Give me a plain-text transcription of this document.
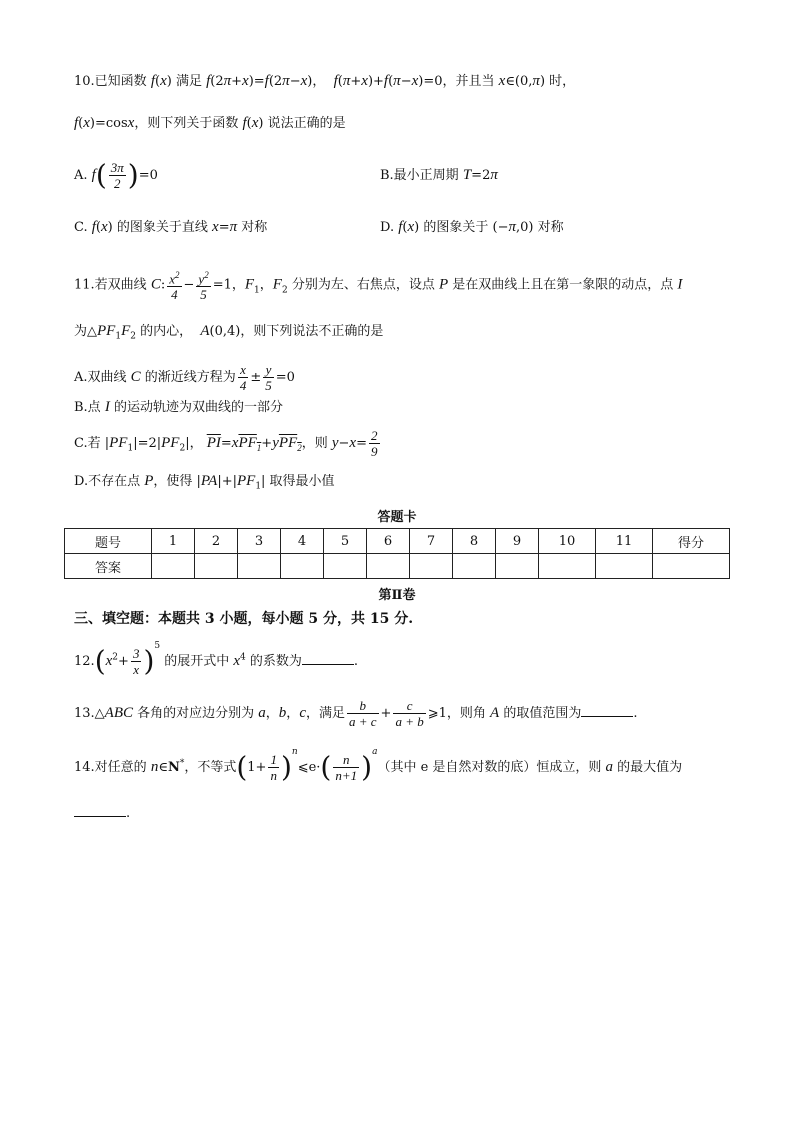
10.已知函数 f(x) 满足 f(2π+x)=f(2π−x)，  f(π+x)+f(π−x)=0，并且当 x∈(0,π) 时，
f(x)=cosx，则下列关于函数 f(x) 说法正确的是
A. $f( \frac{3\pi}{2} )=0$	B.最小正周期 T=2π
C. f(x) 的图象关于直线 x=π 对称	D. f(x) 的图象关于 (−π,0) 对称
11.若双曲线 C: $\frac{x^2}{4} - \frac{y^2}{5} =1$，$F_1$，$F_2$ 分别为左、右焦点，设点 P 是在双曲线上且在第一象限的动点，点 I
为$\triangle PF_1F_2$ 的内心，  A(0,4)，则下列说法不正确的是
A.双曲线 C 的渐近线方程为 $\frac{x}{4} \pm \frac{y}{5} =0$
B.点 I 的运动轨迹为双曲线的一部分
C.若 $|PF_1|=2|PF_2|$， $\overline{PI}=xPF_1+yPF_2$，则 $y-x= \frac{2}{9}$
D.不存在点 P，使得 $|PA|+|PF_1|$ 取得最小值
答题卡
题号	1	2	3	4	5	6	7	8	9	10	11	得分
答案												
第Ⅱ卷
三、填空题：本题共 3 小题，每小题 5 分，共 15 分.
$12.(x^2+ \frac{3}{x} )^5$ 的展开式中 $x^4$ 的系数为	.
13.△ABC 各角的对应边分别为 a，b，c，满足 $\frac{b}{a + c} + \frac{c}{a + b}$ ⩾1，则角 A 的取值范围为	.
14.对任意的 n∈N*，不等式($1+ \frac{1}{n}$ )$^n⩽e\cdot( \frac{n}{n+1} )^a$（其中 e 是自然对数的底）恒成立，则 a 的最大值为
.
